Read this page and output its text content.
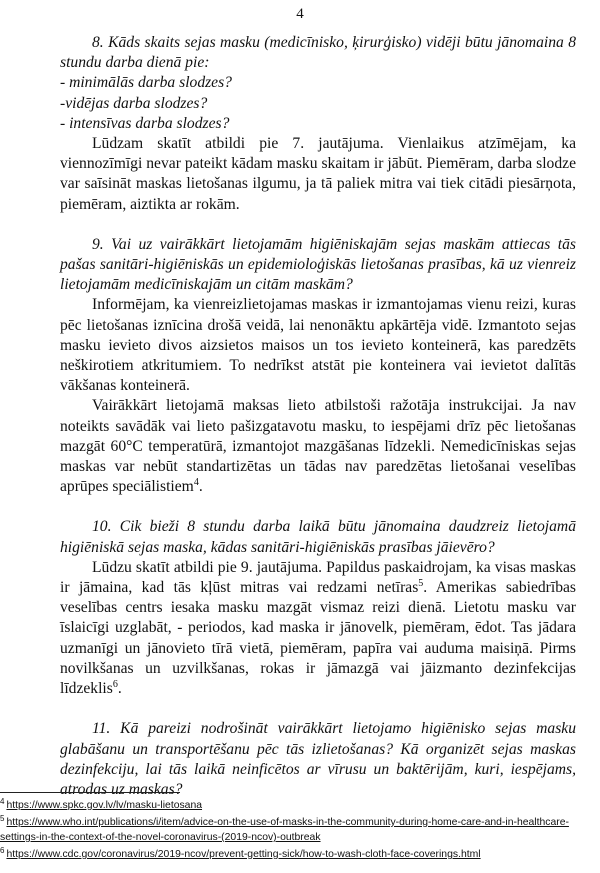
4

8. Kāds skaits sejas masku (medicīnisko, ķirurģisko) vidēji būtu jānomaina 8 stundu darba dienā pie:

- minimālās darba slodzes?
-vidējas darba slodzes?
- intensīvas darba slodzes?

Lūdzam skatīt atbildi pie 7. jautājuma. Vienlaikus atzīmējam, ka viennozīmīgi nevar pateikt kādam masku skaitam ir jābūt. Piemēram, darba slodze var saīsināt maskas lietošanas ilgumu, ja tā paliek mitra vai tiek citādi piesārņota, piemēram, aiztikta ar rokām.

9. Vai uz vairākkārt lietojamām higiēniskajām sejas maskām attiecas tās pašas sanitāri-higiēniskās un epidemioloģiskās lietošanas prasības, kā uz vienreiz lietojamām medicīniskajām un citām maskām?

Informējam, ka vienreizlietojamas maskas ir izmantojamas vienu reizi, kuras pēc lietošanas iznīcina drošā veidā, lai nenonāktu apkārtēja vidē. Izmantoto sejas masku ievieto divos aizsietos maisos un tos ievieto konteinerā, kas paredzēts neškirotiem atkritumiem. To nedrīkst atstāt pie konteinera vai ievietot dalītās vākšanas konteinerā.

Vairākkārt lietojamā maksas lieto atbilstoši ražotāja instrukcijai. Ja nav noteikts savādāk vai lieto pašizgatavotu masku, to iespējami drīz pēc lietošanas mazgāt 60°C temperatūrā, izmantojot mazgāšanas līdzekli. Nemedicīniskas sejas maskas var nebūt standartizētas un tādas nav paredzētas lietošanai veselības aprūpes speciālistiem$^4$.

10. Cik bieži 8 stundu darba laikā būtu jānomaina daudzreiz lietojamā higiēniskā sejas maska, kādas sanitāri-higiēniskās prasības jāievēro?

Lūdzu skatīt atbildi pie 9. jautājuma. Papildus paskaidrojam, ka visas maskas ir jāmaina, kad tās kļūst mitras vai redzami netīras$^5$. Amerikas sabiedrības veselības centrs iesaka masku mazgāt vismaz reizi dienā. Lietotu masku var īslaicīgi uzglabāt, - periodos, kad maska ir jānovelk, piemēram, ēdot. Tas jādara uzmanīgi un jānovieto tīrā vietā, piemēram, papīra vai auduma maisiņā. Pirms novilkšanas un uzvilkšanas, rokas ir jāmazgā vai jāizmanto dezinfekcijas līdzeklis$^6$.

11. Kā pareizi nodrošināt vairākkārt lietojamo higiēnisko sejas masku glabāšanu un transportēšanu pēc tās izlietošanas? Kā organizēt sejas maskas dezinfekciju, lai tās laikā neinficētos ar vīrusu un baktērijām, kuri, iespējams, atrodas uz maskas?

$^4$ https://www.spkc.gov.lv/lv/masku-lietosana

$^5$ https://www.who.int/publications/i/item/advice-on-the-use-of-masks-in-the-community-during-home-care-and-in-healthcare-settings-in-the-context-of-the-novel-coronavirus-(2019-ncov)-outbreak

$^6$ https://www.cdc.gov/coronavirus/2019-ncov/prevent-getting-sick/how-to-wash-cloth-face-coverings.html
